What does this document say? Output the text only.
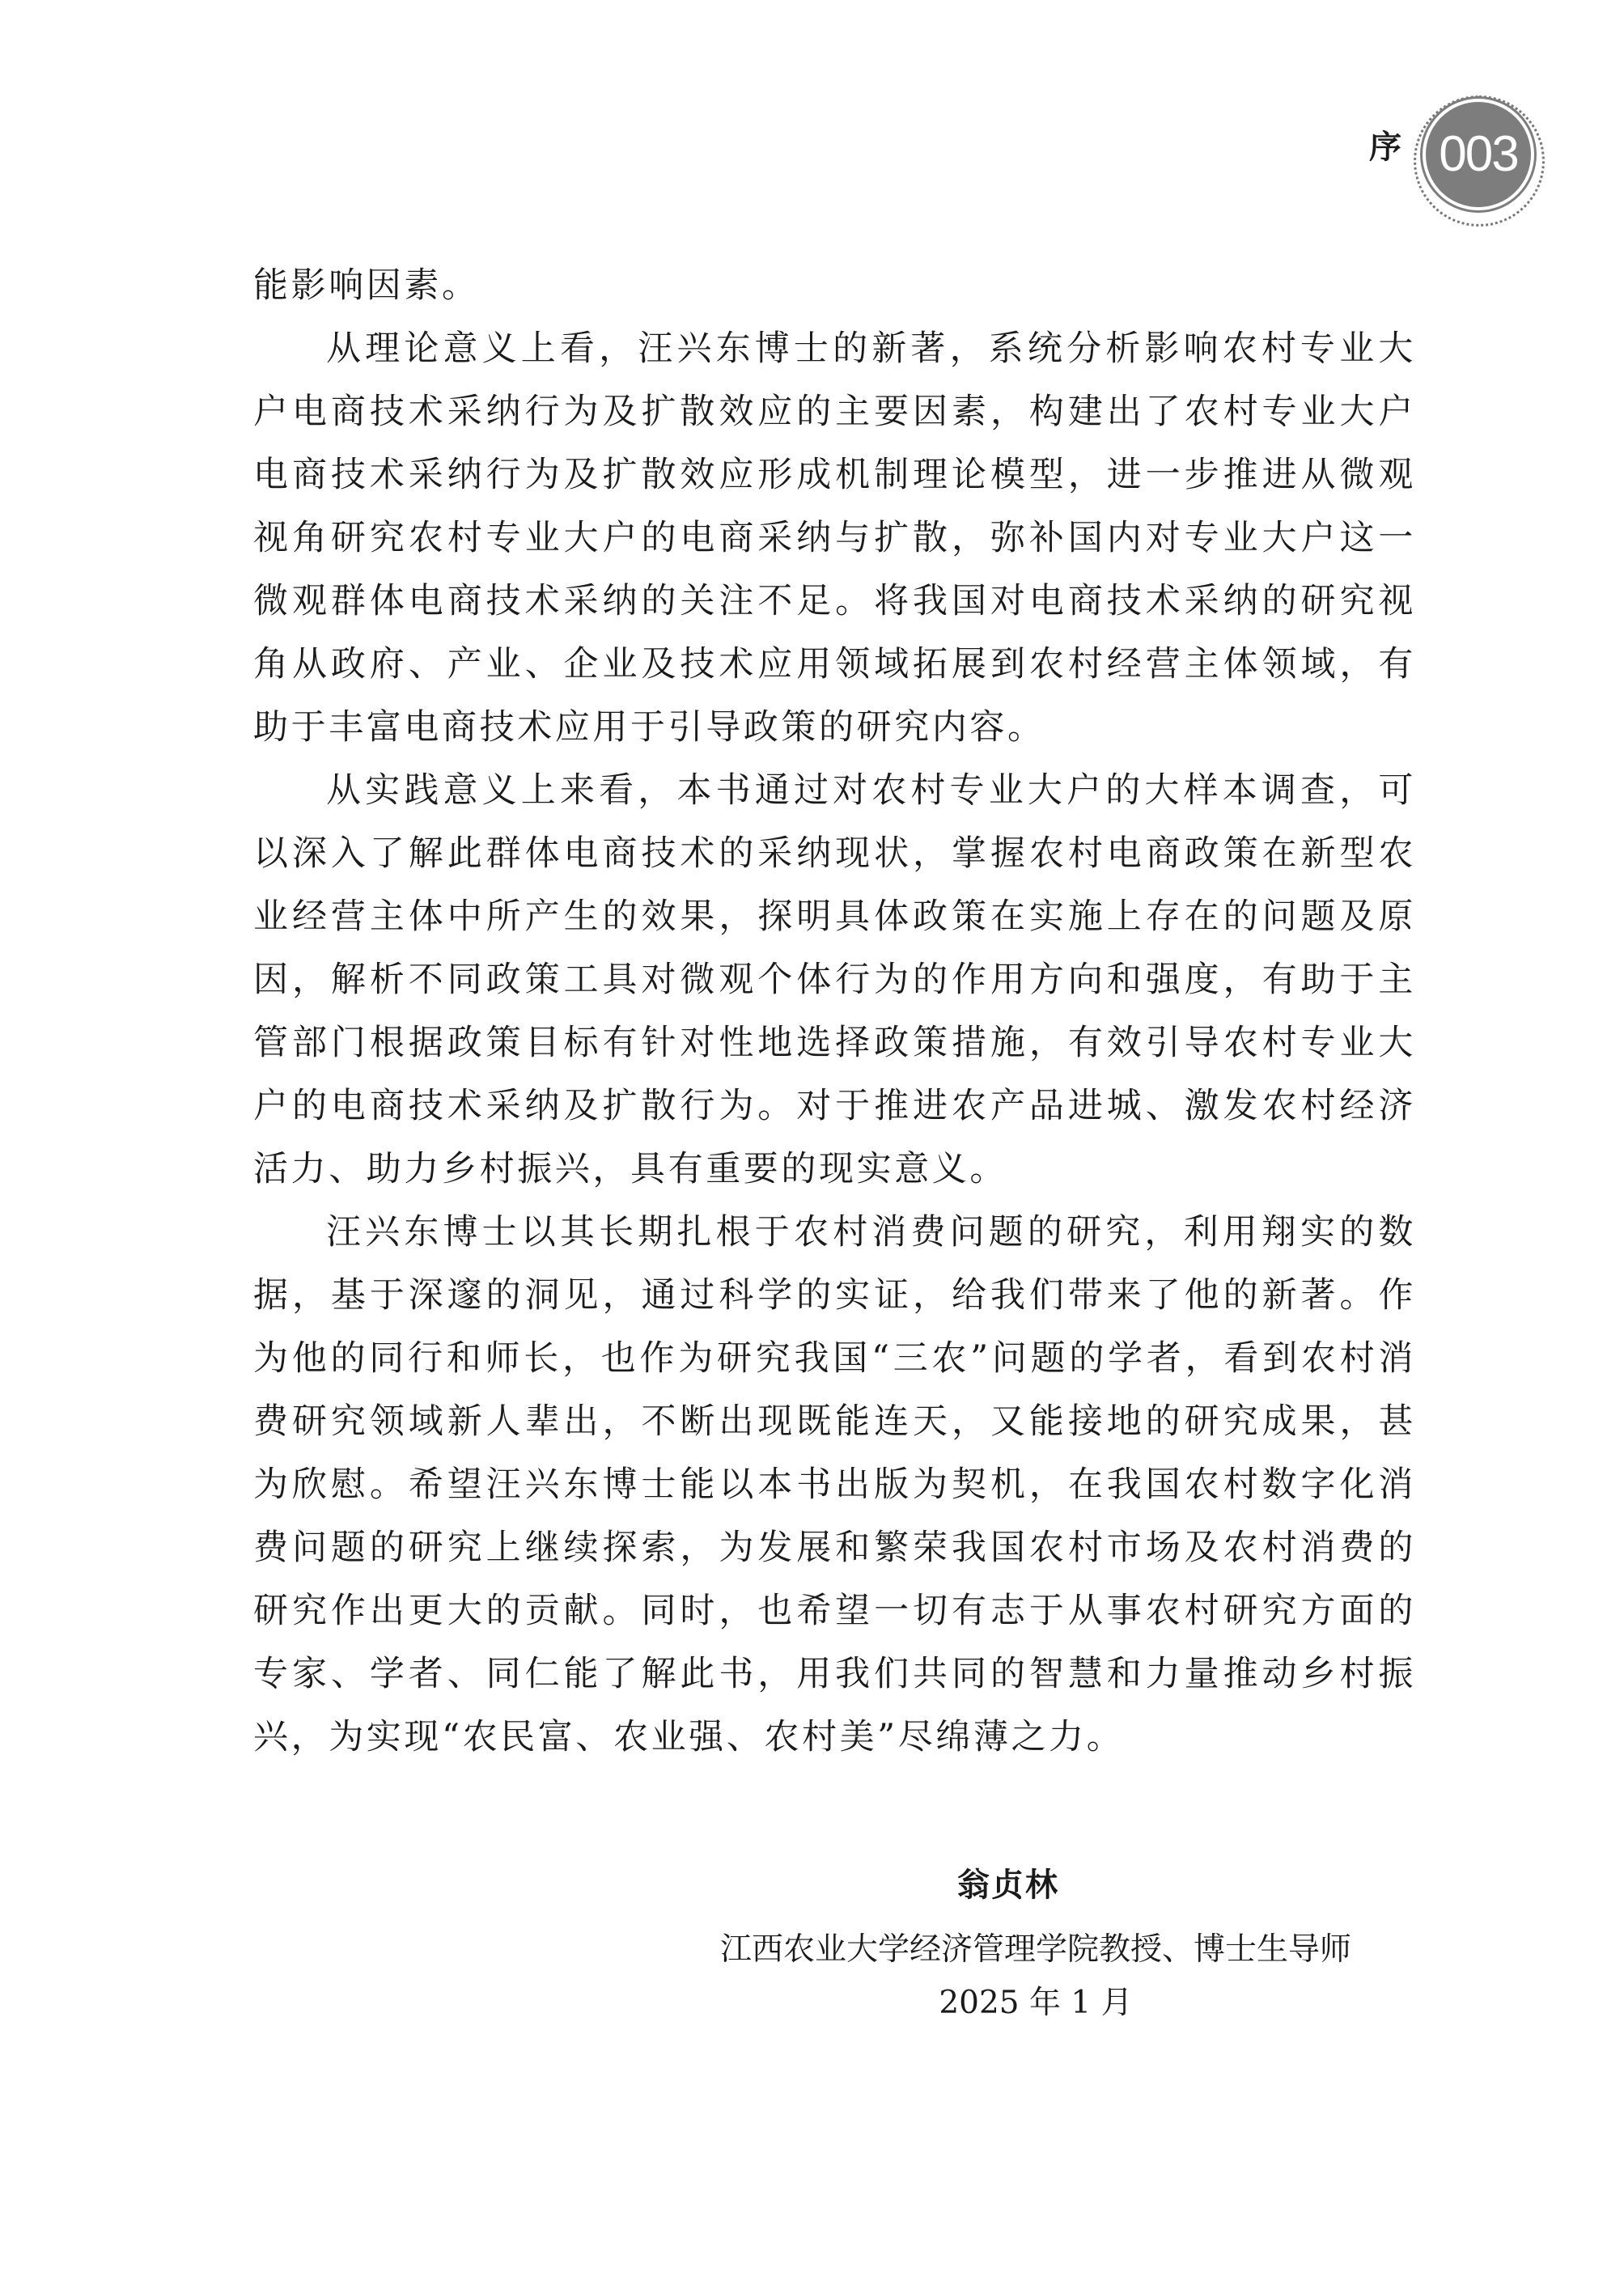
序 003

能影响因素。

从理论意义上看，汪兴东博士的新著，系统分析影响农村专业大户电商技术采纳行为及扩散效应的主要因素，构建出了农村专业大户电商技术采纳行为及扩散效应形成机制理论模型，进一步推进从微观视角研究农村专业大户的电商采纳与扩散，弥补国内对专业大户这一微观群体电商技术采纳的关注不足。将我国对电商技术采纳的研究视角从政府、产业、企业及技术应用领域拓展到农村经营主体领域，有助于丰富电商技术应用于引导政策的研究内容。

从实践意义上来看，本书通过对农村专业大户的大样本调查，可以深入了解此群体电商技术的采纳现状，掌握农村电商政策在新型农业经营主体中所产生的效果，探明具体政策在实施上存在的问题及原因，解析不同政策工具对微观个体行为的作用方向和强度，有助于主管部门根据政策目标有针对性地选择政策措施，有效引导农村专业大户的电商技术采纳及扩散行为。对于推进农产品进城、激发农村经济活力、助力乡村振兴，具有重要的现实意义。

汪兴东博士以其长期扎根于农村消费问题的研究，利用翔实的数据，基于深邃的洞见，通过科学的实证，给我们带来了他的新著。作为他的同行和师长，也作为研究我国“三农”问题的学者，看到农村消费研究领域新人辈出，不断出现既能连天，又能接地的研究成果，甚为欣慰。希望汪兴东博士能以本书出版为契机，在我国农村数字化消费问题的研究上继续探索，为发展和繁荣我国农村市场及农村消费的研究作出更大的贡献。同时，也希望一切有志于从事农村研究方面的专家、学者、同仁能了解此书，用我们共同的智慧和力量推动乡村振兴，为实现“农民富、农业强、农村美”尽绵薄之力。

翁贞林
江西农业大学经济管理学院教授、博士生导师
2025 年 1 月
